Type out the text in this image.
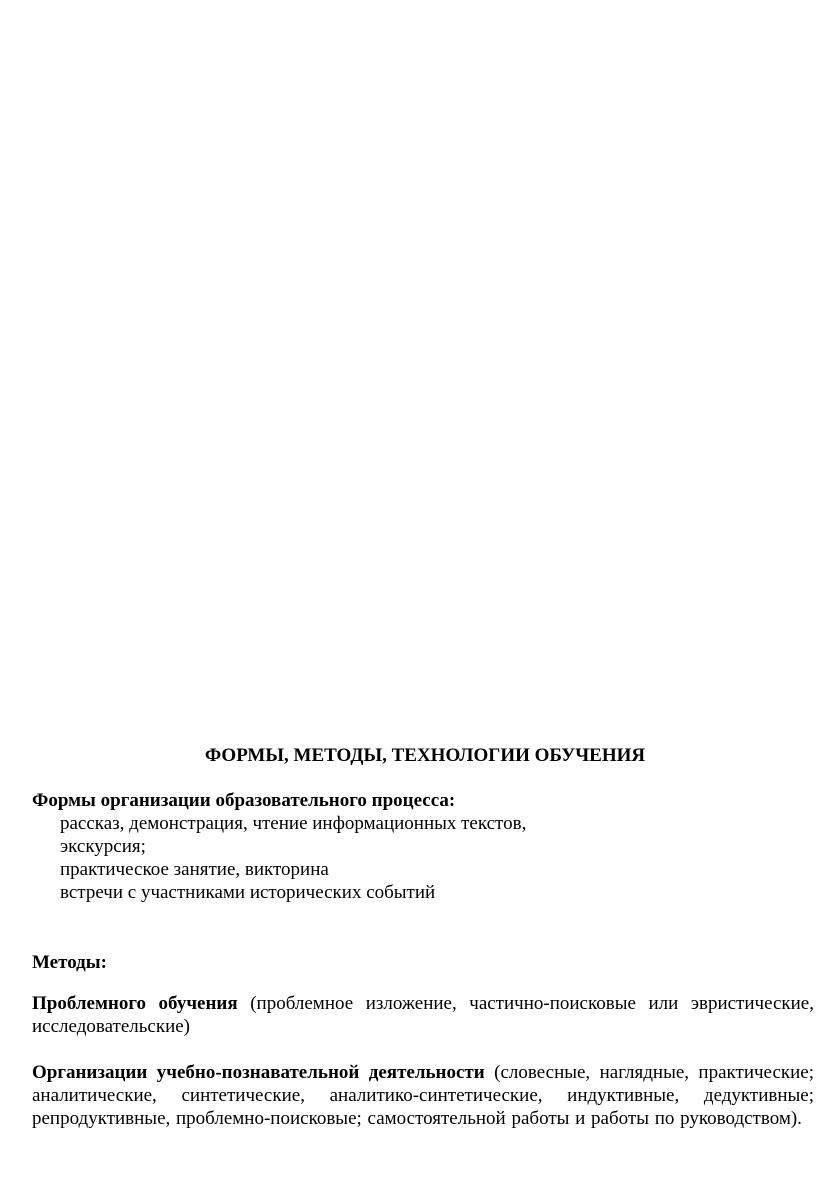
ФОРМЫ, МЕТОДЫ, ТЕХНОЛОГИИ ОБУЧЕНИЯ

Формы организации образовательного процесса:

рассказ, демонстрация, чтение информационных текстов,
экскурсия;
практическое занятие, викторина
встречи с участниками исторических событий

Методы:

Проблемного обучения (проблемное изложение, частично-поисковые или эвристические, исследовательские)

Организации учебно-познавательной деятельности (словесные, наглядные, практические; аналитические, синтетические, аналитико-синтетические, индуктивные, дедуктивные; репродуктивные, проблемно-поисковые; самостоятельной работы и работы по руководством).
